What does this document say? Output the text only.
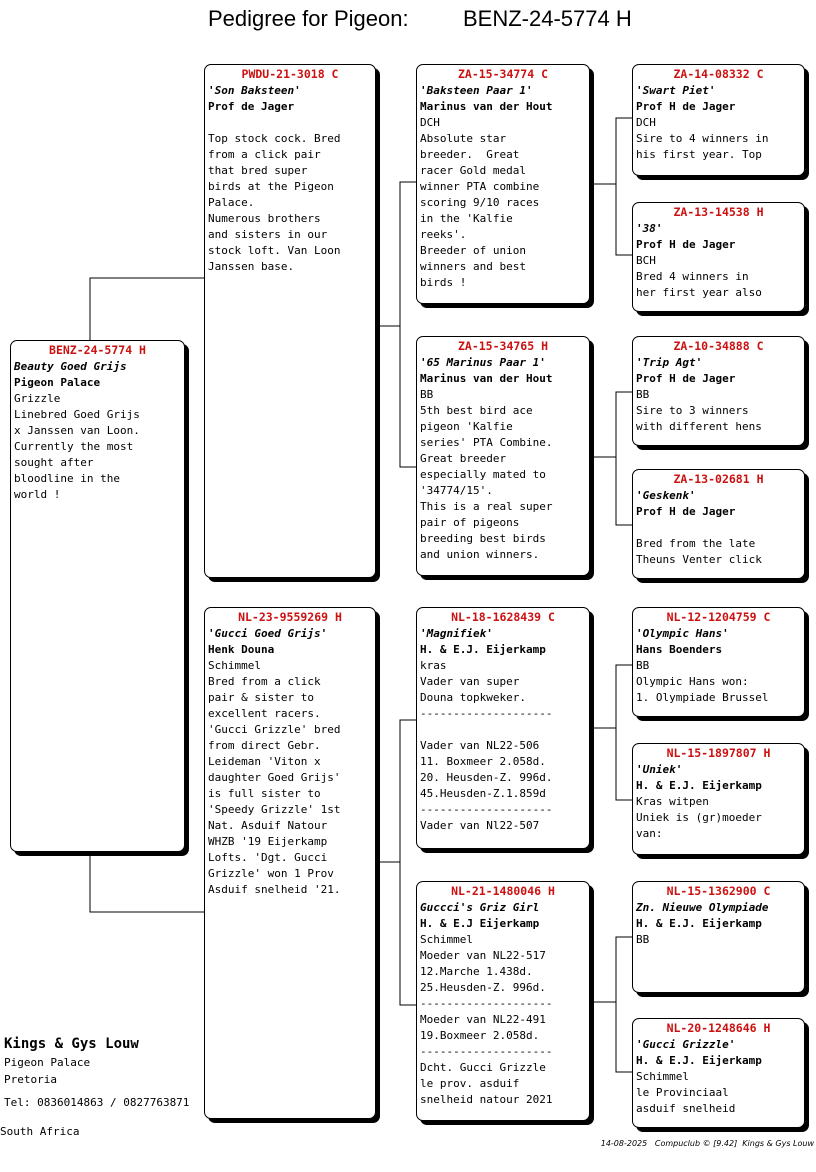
Pedigree for Pigeon: BENZ-24-5774 H
BENZ-24-5774 H
Beauty Goed Grijs
Pigeon Palace
Grizzle
Linebred Goed Grijs
x Janssen van Loon.
Currently the most
sought after
bloodline in the
world !
PWDU-21-3018 C
'Son Baksteen'
Prof de Jager
Top stock cock. Bred
from a click pair
that bred super
birds at the Pigeon
Palace.
Numerous brothers
and sisters in our
stock loft. Van Loon
Janssen base.
NL-23-9559269 H
'Gucci Goed Grijs'
Henk Douna
Schimmel
Bred from a click
pair & sister to
excellent racers.
'Gucci Grizzle' bred
from direct Gebr.
Leideman 'Viton x
daughter Goed Grijs'
is full sister to
'Speedy Grizzle' 1st
Nat. Asduif Natour
WHZB '19 Eijerkamp
Lofts. 'Dgt. Gucci
Grizzle' won 1 Prov
Asduif snelheid '21.
ZA-15-34774 C
'Baksteen Paar 1'
Marinus van der Hout
DCH
Absolute star
breeder.  Great
racer Gold medal
winner PTA combine
scoring 9/10 races
in the 'Kalfie
reeks'.
Breeder of union
winners and best
birds !
ZA-15-34765 H
'65 Marinus Paar 1'
Marinus van der Hout
BB
5th best bird ace
pigeon 'Kalfie
series' PTA Combine.
Great breeder
especially mated to
'34774/15'.
This is a real super
pair of pigeons
breeding best birds
and union winners.
NL-18-1628439 C
'Magnifiek'
H. & E.J. Eijerkamp
kras
Vader van super
Douna topkweker.
--------------------
Vader van NL22-506
11. Boxmeer 2.058d.
20. Heusden-Z. 996d.
45.Heusden-Z.1.859d
--------------------
Vader van Nl22-507
NL-21-1480046 H
Guccci's Griz Girl
H. & E.J Eijerkamp
Schimmel
Moeder van NL22-517
12.Marche 1.438d.
25.Heusden-Z. 996d.
--------------------
Moeder van NL22-491
19.Boxmeer 2.058d.
--------------------
Dcht. Gucci Grizzle
le prov. asduif
snelheid natour 2021
ZA-14-08332 C
'Swart Piet'
Prof H de Jager
DCH
Sire to 4 winners in
his first year. Top
ZA-13-14538 H
'38'
Prof H de Jager
BCH
Bred 4 winners in
her first year also
ZA-10-34888 C
'Trip Agt'
Prof H de Jager
BB
Sire to 3 winners
with different hens
ZA-13-02681 H
'Geskenk'
Prof H de Jager
Bred from the late
Theuns Venter click
NL-12-1204759 C
'Olympic Hans'
Hans Boenders
BB
Olympic Hans won:
1. Olympiade Brussel
NL-15-1897807 H
'Uniek'
H. & E.J. Eijerkamp
Kras witpen
Uniek is (gr)moeder
van:
NL-15-1362900 C
Zn. Nieuwe Olympiade
H. & E.J. Eijerkamp
BB
NL-20-1248646 H
'Gucci Grizzle'
H. & E.J. Eijerkamp
Schimmel
le Provinciaal
asduif snelheid
Kings & Gys Louw
Pigeon Palace
Pretoria
Tel: 0836014863 / 0827763871
South Africa
14-08-2025   Compuclub © [9.42]  Kings & Gys Louw
